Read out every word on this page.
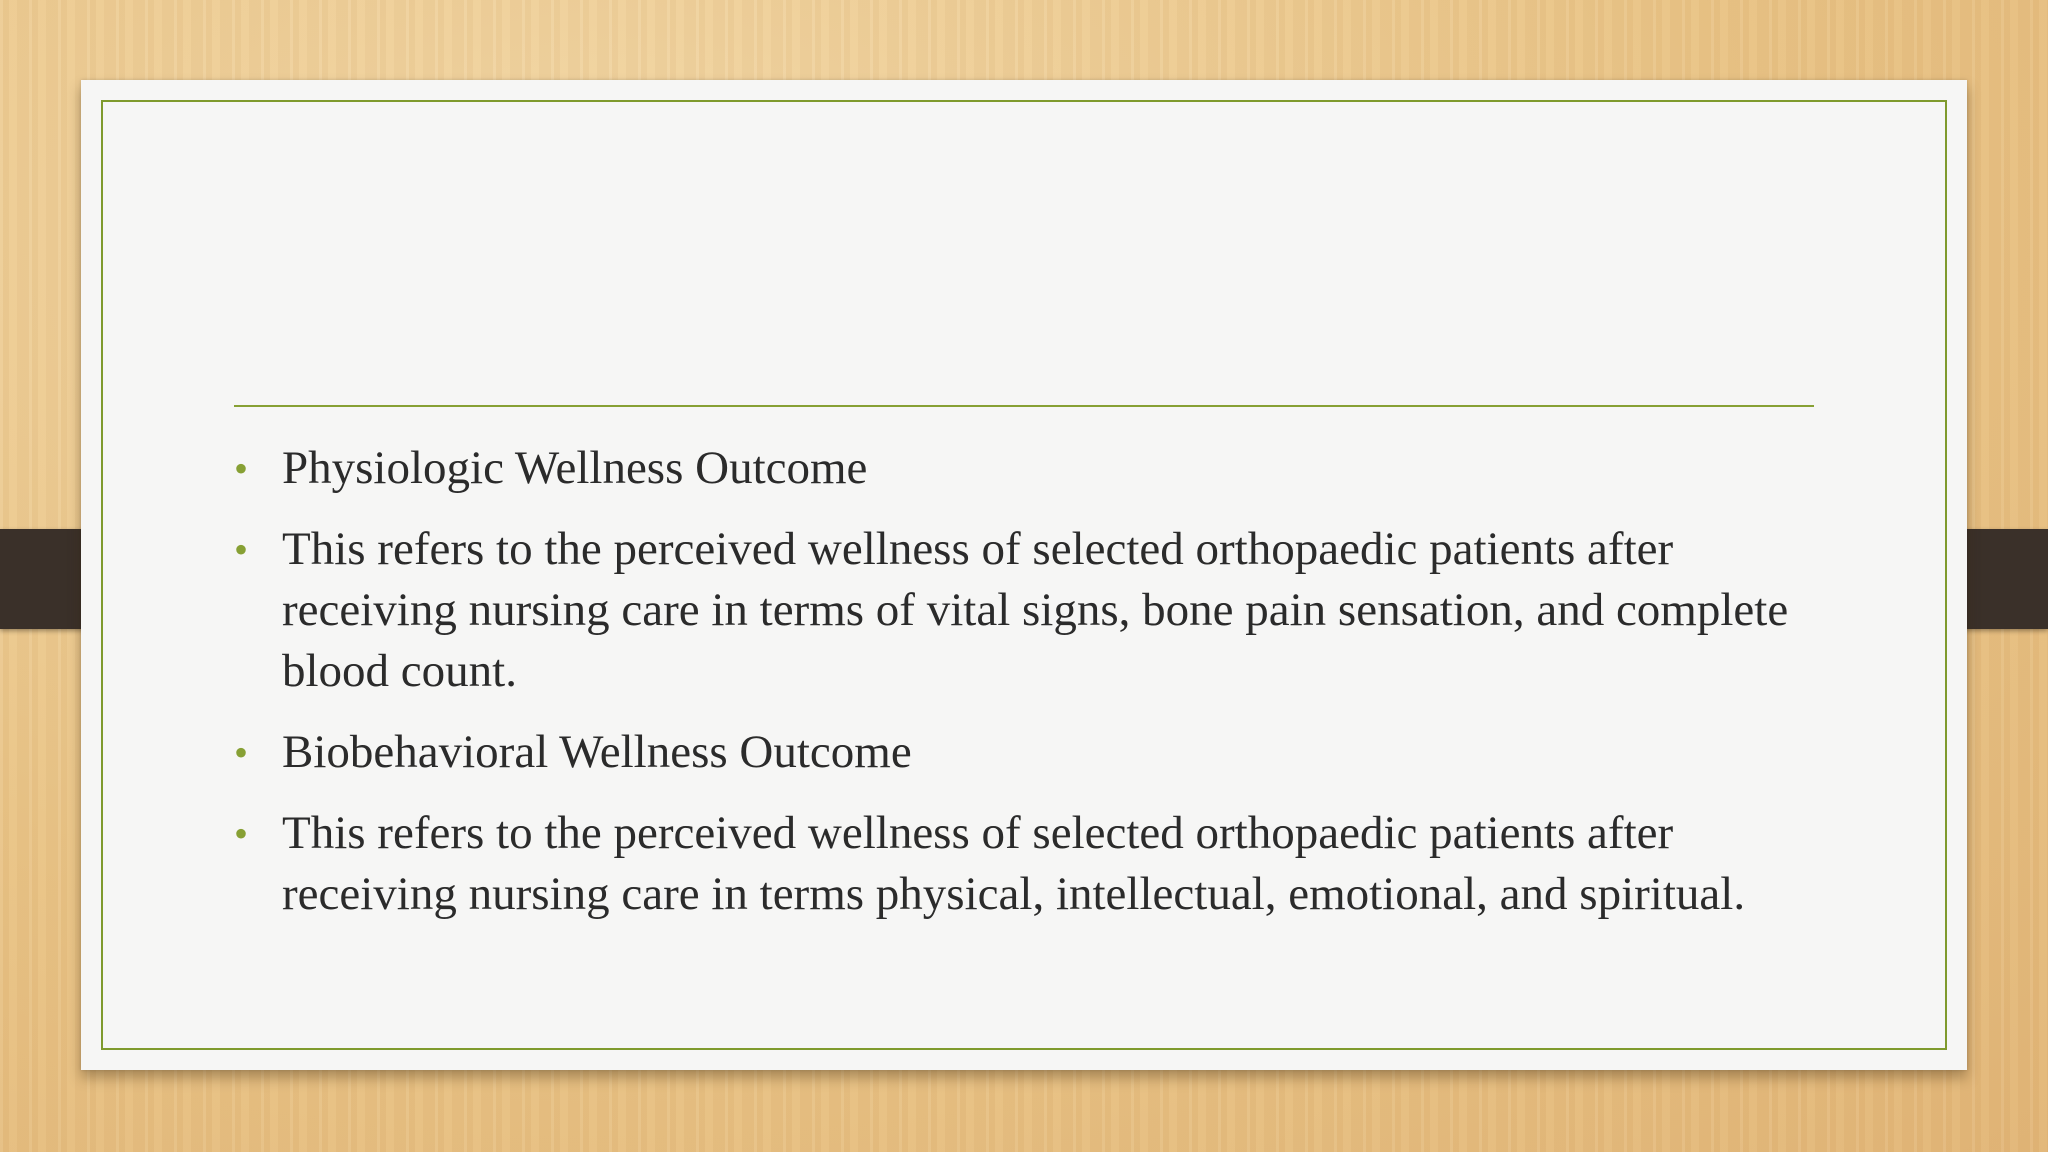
• Physiologic Wellness Outcome
• This refers to the perceived wellness of selected orthopaedic patients after receiving nursing care in terms of vital signs, bone pain sensation, and complete blood count.
• Biobehavioral Wellness Outcome
• This refers to the perceived wellness of selected orthopaedic patients after receiving nursing care in terms physical, intellectual, emotional, and spiritual.
